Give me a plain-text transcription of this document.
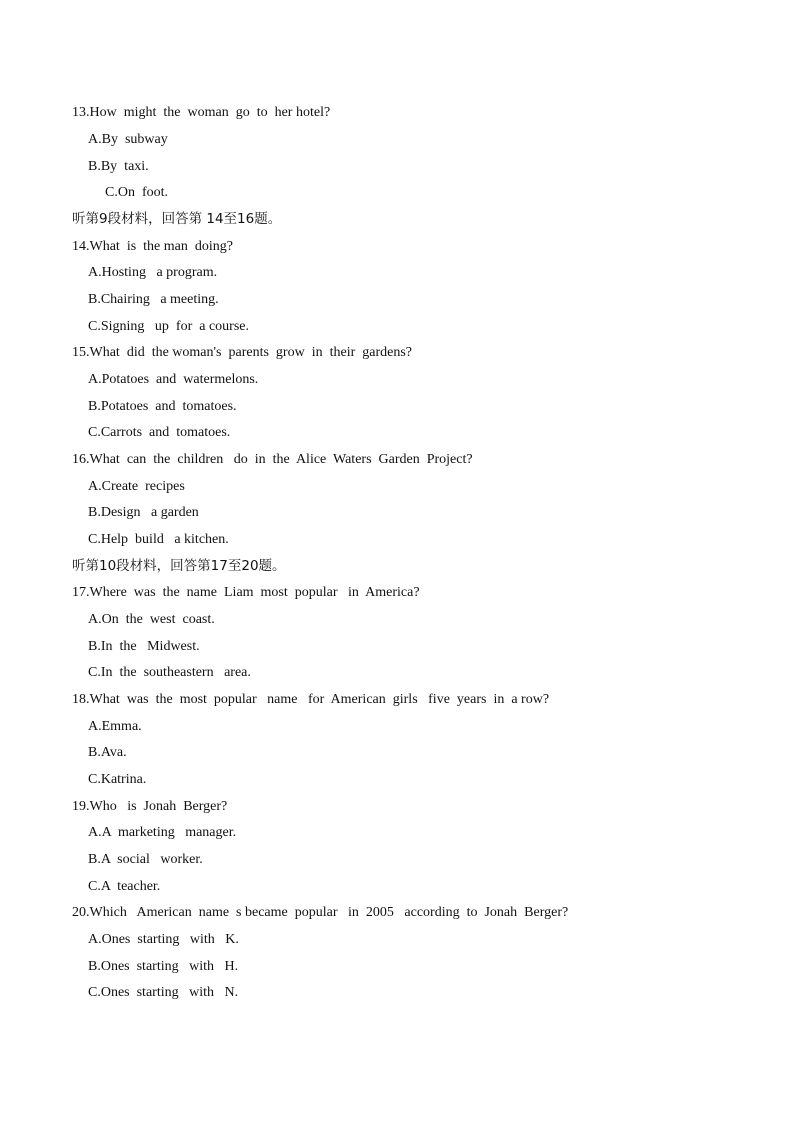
13.How  might  the  woman  go  to  her hotel?
A.By  subway
B.By  taxi.
C.On  foot.
听第9段材料，回答第 14至16题。
14.What  is  the man  doing?
A.Hosting   a program.
B.Chairing   a meeting.
C.Signing   up  for  a course.
15.What  did  the woman's  parents  grow  in  their  gardens?
A.Potatoes  and  watermelons.
B.Potatoes  and  tomatoes.
C.Carrots  and  tomatoes.
16.What  can  the  children   do  in  the  Alice  Waters  Garden  Project?
A.Create  recipes
B.Design   a garden
C.Help  build   a kitchen.
听第10段材料，回答第17至20题。
17.Where  was  the  name  Liam  most  popular   in  America?
A.On  the  west  coast.
B.In  the   Midwest.
C.In  the  southeastern   area.
18.What  was  the  most  popular   name   for  American  girls   five  years  in  a row?
A.Emma.
B.Ava.
C.Katrina.
19.Who   is  Jonah  Berger?
A.A  marketing   manager.
B.A  social   worker.
C.A  teacher.
20.Which   American  name  s became  popular   in  2005   according  to  Jonah  Berger?
A.Ones  starting   with   K.
B.Ones  starting   with   H.
C.Ones  starting   with   N.
